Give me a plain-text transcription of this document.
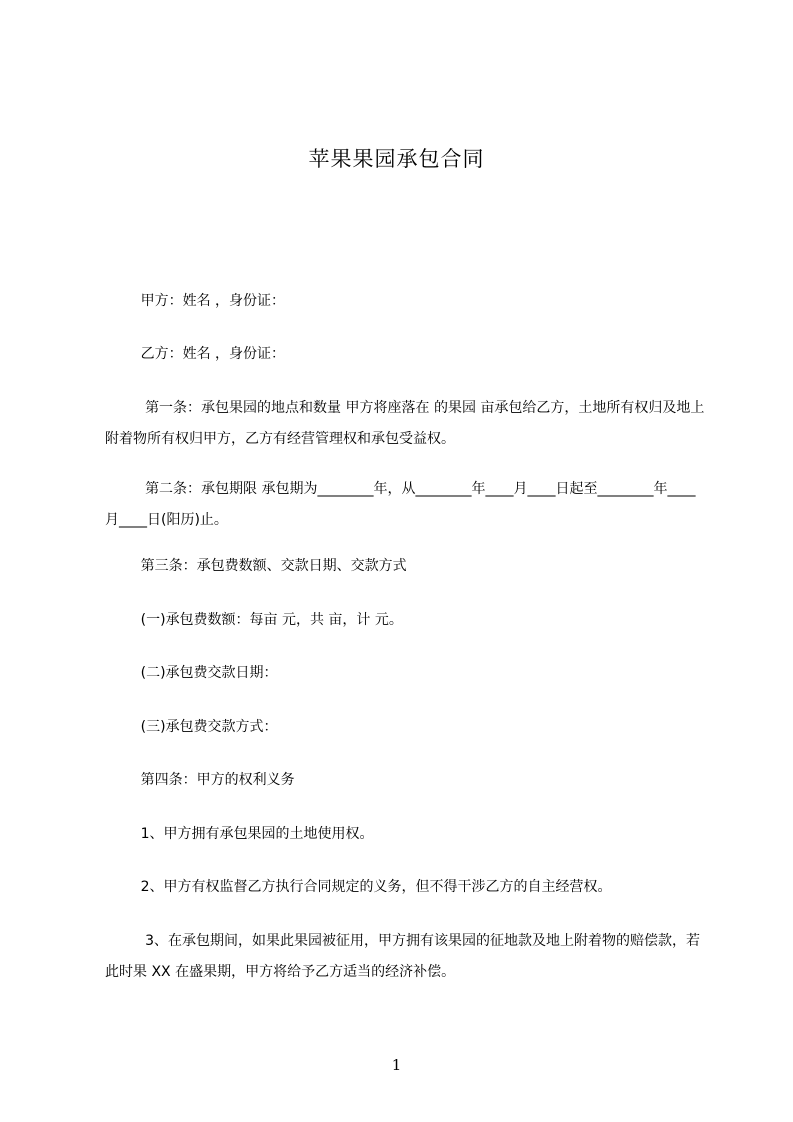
苹果果园承包合同
甲方：姓名 ，身份证：
乙方：姓名 ，身份证：
第一条：承包果园的地点和数量 甲方将座落在 的果园 亩承包给乙方，土地所有权归及地上附着物所有权归甲方，乙方有经营管理权和承包受益权。
第二条：承包期限 承包期为________年，从________年____月____日起至________年____月____日(阳历)止。
第三条：承包费数额、交款日期、交款方式
(一)承包费数额：每亩 元，共 亩，计 元。
(二)承包费交款日期：
(三)承包费交款方式：
第四条：甲方的权利义务
1、甲方拥有承包果园的土地使用权。
2、甲方有权监督乙方执行合同规定的义务，但不得干涉乙方的自主经营权。
3、在承包期间，如果此果园被征用，甲方拥有该果园的征地款及地上附着物的赔偿款，若此时果 XX 在盛果期，甲方将给予乙方适当的经济补偿。
1
